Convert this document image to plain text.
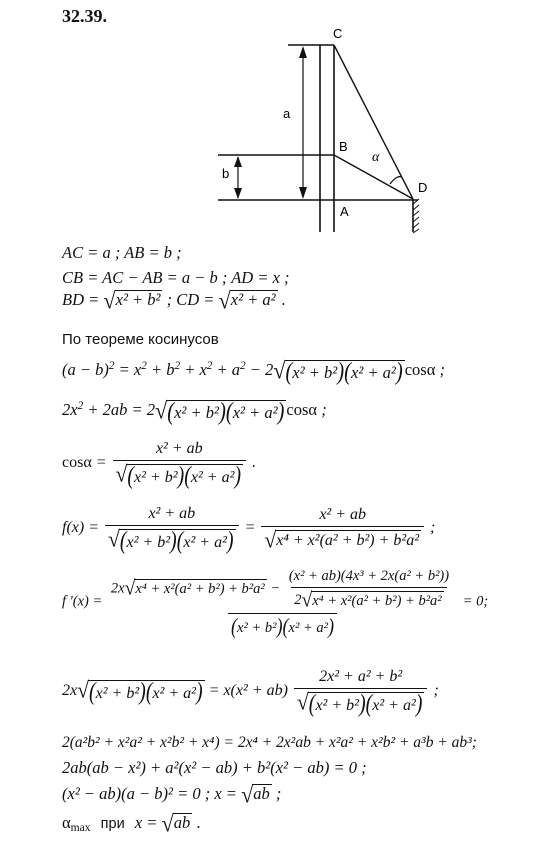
32.39.
C
B
A
D
a
b
α
AC = a ; AB = b ;
CB = AC − AB = a − b ; AD = x ;
BD = √ x² + b² ; CD = √ x² + a² .
По теореме косинусов
$(a - b)^2 = x^2 + b^2 + x^2 + a^2 - 2$ √ (x² + b²)(x² + a²) cosα ;
$2x^2 + 2ab = 2$ √ (x² + b²)(x² + a²) cosα ;
$\cos\alpha = \frac{\text{x² + ab}}{\text{√ (x² + b²)(x² + a²)}}$ .
$f(x) = \frac{\text{x² + ab}}{\text{√ (x² + b²)(x² + a²)}} = \frac{\text{x² + ab}}{\text{√ x⁴ + x²(a² + b²) + b²a²}}$ ;
f '(x) =
2x √ $x^4 + x^2(a^2 + b^2) + b^2a^2 - \frac{\text{(x² + ab)(4x³ + 2x(a² + b²))}}{\text{2 √ x⁴ + x²(a² + b²) + b²a²}}$
(x² + b²)(x² + a²)
= 0;
2x √ $(x^2 + b^2)(x^2 + a^2) = x(x^2 + ab) \frac{\text{2x² + a² + b²}}{\text{√ (x² + b²)(x² + a²)}}$ ;
2(a²b² + x²a² + x²b² + x⁴) = 2x⁴ + 2x²ab + x²a² + x²b² + a³b + ab³;
2ab(ab − x²) + a²(x² − ab) + b²(x² − ab) = 0 ;
(x² − ab)(a − b)² = 0 ; x = √ ab ;
$\alpha_{max}$ при x = √ ab .
